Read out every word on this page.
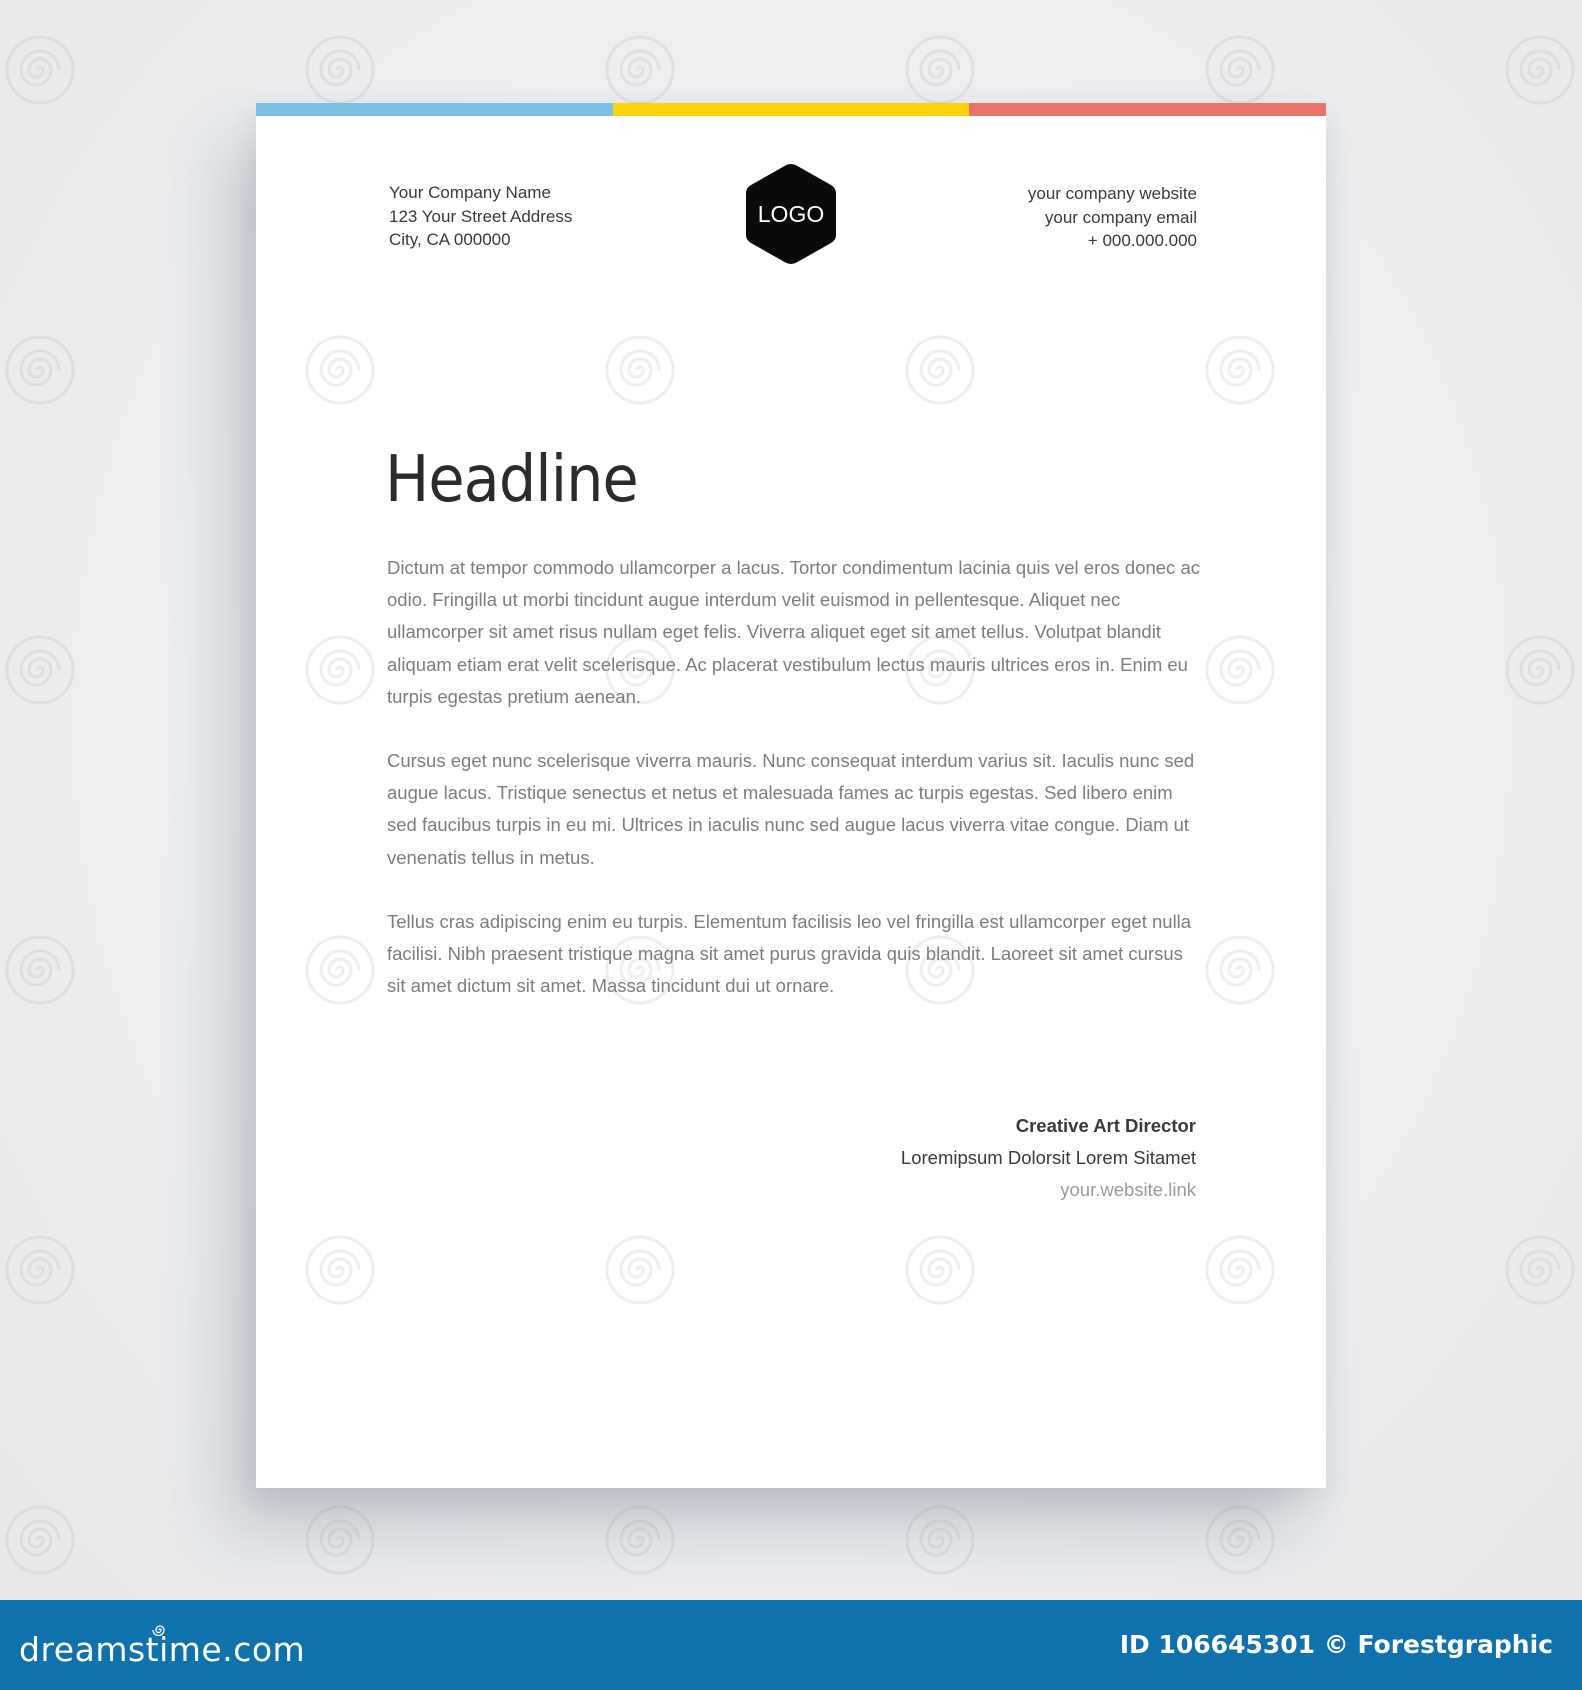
Your Company Name
123 Your Street Address
City, CA 000000
LOGO
your company website
your company email
+ 000.000.000
Headline

Dictum at tempor commodo ullamcorper a lacus. Tortor condimentum lacinia quis vel eros donec ac odio. Fringilla ut morbi tincidunt augue interdum velit euismod in pellentesque. Aliquet nec ullamcorper sit amet risus nullam eget felis. Viverra aliquet eget sit amet tellus. Volutpat blandit aliquam etiam erat velit scelerisque. Ac placerat vestibulum lectus mauris ultrices eros in. Enim eu turpis egestas pretium aenean.

Cursus eget nunc scelerisque viverra mauris. Nunc consequat interdum varius sit. Iaculis nunc sed augue lacus. Tristique senectus et netus et malesuada fames ac turpis egestas. Sed libero enim sed faucibus turpis in eu mi. Ultrices in iaculis nunc sed augue lacus viverra vitae congue. Diam ut venenatis tellus in metus.

Tellus cras adipiscing enim eu turpis. Elementum facilisis leo vel fringilla est ullamcorper eget nulla facilisi. Nibh praesent tristique magna sit amet purus gravida quis blandit. Laoreet sit amet cursus sit amet dictum sit amet. Massa tincidunt dui ut ornare.

Creative Art Director
Loremipsum Dolorsit Lorem Sitamet
your.website.link
dreamstime.com	ID 106645301 © Forestgraphic
